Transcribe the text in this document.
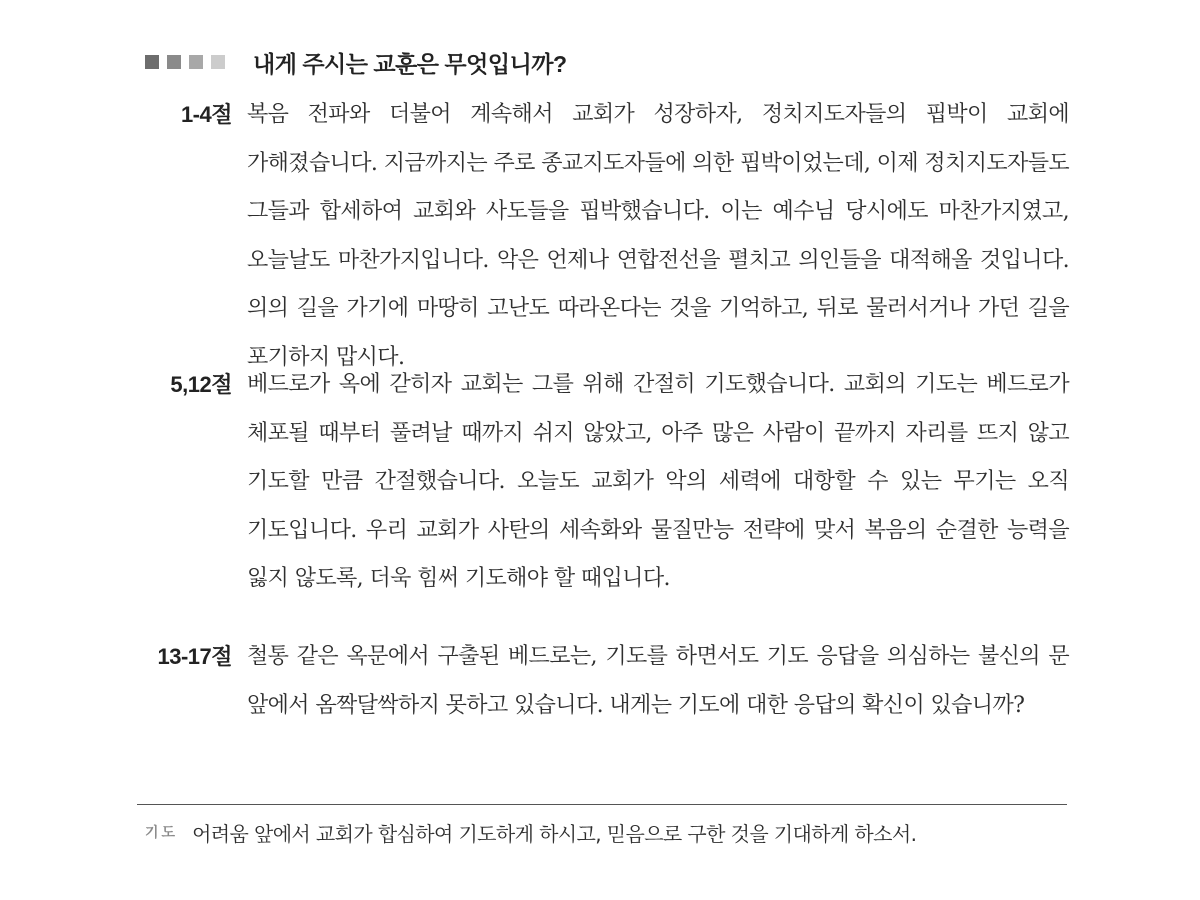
내게 주시는 교훈은 무엇입니까?
1-4절 복음 전파와 더불어 계속해서 교회가 성장하자, 정치지도자들의 핍박이 교회에 가해졌습니다. 지금까지는 주로 종교지도자들에 의한 핍박이었는데, 이제 정치지도자들도 그들과 합세하여 교회와 사도들을 핍박했습니다. 이는 예수님 당시에도 마찬가지였고, 오늘날도 마찬가지입니다. 악은 언제나 연합전선을 펼치고 의인들을 대적해올 것입니다. 의의 길을 가기에 마땅히 고난도 따라온다는 것을 기억하고, 뒤로 물러서거나 가던 길을 포기하지 맙시다.
5,12절 베드로가 옥에 갇히자 교회는 그를 위해 간절히 기도했습니다. 교회의 기도는 베드로가 체포될 때부터 풀려날 때까지 쉬지 않았고, 아주 많은 사람이 끝까지 자리를 뜨지 않고 기도할 만큼 간절했습니다. 오늘도 교회가 악의 세력에 대항할 수 있는 무기는 오직 기도입니다. 우리 교회가 사탄의 세속화와 물질만능 전략에 맞서 복음의 순결한 능력을 잃지 않도록, 더욱 힘써 기도해야 할 때입니다.
13-17절 철통 같은 옥문에서 구출된 베드로는, 기도를 하면서도 기도 응답을 의심하는 불신의 문 앞에서 옴짝달싹하지 못하고 있습니다. 내게는 기도에 대한 응답의 확신이 있습니까?
기도 어려움 앞에서 교회가 합심하여 기도하게 하시고, 믿음으로 구한 것을 기대하게 하소서.
